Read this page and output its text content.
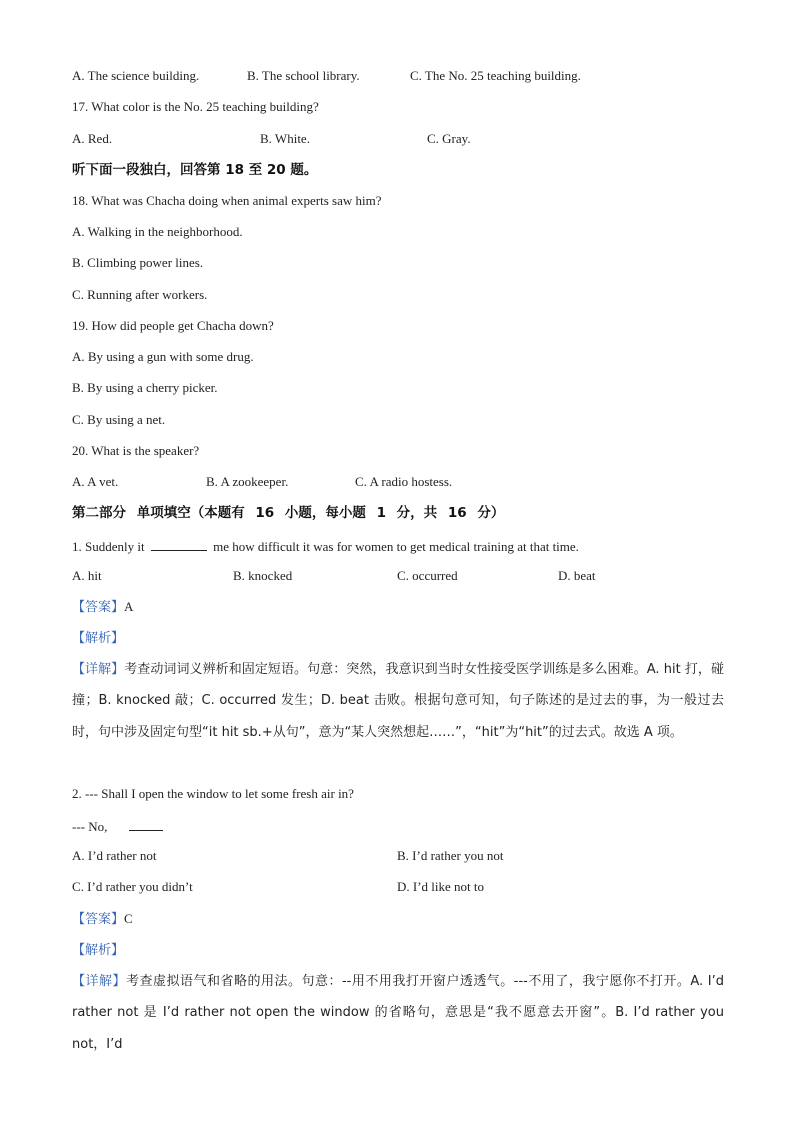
A. The science building.	B. The school library.	C. The No. 25 teaching building.
17. What color is the No. 25 teaching building?
A. Red.	B. White.	C. Gray.
听下面一段独白，回答第 18 至 20 题。
18. What was Chacha doing when animal experts saw him?
A. Walking in the neighborhood.
B. Climbing power lines.
C. Running after workers.
19. How did people get Chacha down?
A. By using a gun with some drug.
B. By using a cherry picker.
C. By using a net.
20. What is the speaker?
A. A vet.	B. A zookeeper.	C. A radio hostess.
第二部分 单项填空（本题有 16 小题，每小题 1 分，共 16 分）
1. Suddenly it	me how difficult it was for women to get medical training at that time.
A. hit	B. knocked	C. occurred	D. beat
【答案】A
【解析】
【详解】考查动词词义辨析和固定短语。句意：突然，我意识到当时女性接受医学训练是多么困难。A. hit 打，碰撞；B. knocked 敲；C. occurred 发生；D. beat 击败。根据句意可知，句子陈述的是过去的事，为一般过去时，句中涉及固定句型“it hit sb.+从句”，意为“某人突然想起……”，“hit”为“hit”的过去式。故选 A 项。
2. --- Shall I open the window to let some fresh air in?
--- No,
A. I’d rather not	B. I’d rather you not
C. I’d rather you didn’t	D. I’d like not to
【答案】C
【解析】
【详解】考查虚拟语气和省略的用法。句意：--用不用我打开窗户透透气。---不用了，我宁愿你不打开。A. I’d rather not 是 I’d rather not open the window 的省略句，意思是“我不愿意去开窗”。B. I’d rather you not，I’d
